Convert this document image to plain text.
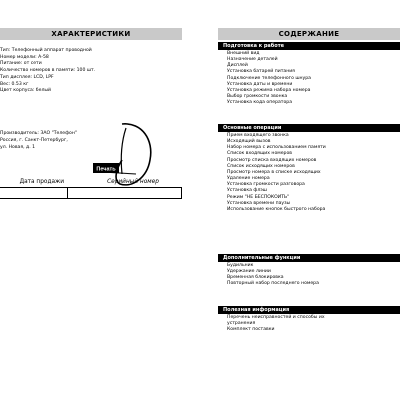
ХАРАКТЕРИСТИКИ
Тип: Телефонный аппарат проводной
Номер модели: А-58
Питание: от сети
Количество номеров в памяти: 100 шт.
Тип дисплея: LCD, LPF
Вес: 0.53 кг
Цвет корпуса: белый
Производитель: ЗАО "Телефон"
Россия, г. Санкт-Петербург,
ул. Новая, д. 1
Печать
Дата продажи	Серийный номер
СОДЕРЖАНИЕ
Подготовка к работе
Внешний вид
Назначение деталей
Дисплей
Установка батарей питания
Подключение телефонного шнура
Установка даты и времени
Установка режима набора номера
Выбор громкости звонка
Установка кода оператора
Основные операции
Прием входящего звонка
Исходящий вызов
Набор номера с использованием памяти
Список входящих номеров
Просмотр списка входящих номеров
Список исходящих номеров
Просмотр номера в списке исходящих
Удаление номера
Установка громкости разговора
Установка флэш
Режим "НЕ БЕСПОКОИТЬ"
Установка времени паузы
Использование кнопок быстрого набора
Дополнительные функции
Будильник
Удержание линии
Временная блокировка
Повторный набор последнего номера
Полезная информация
Перечень неисправностей и способы их
устранения
Комплект поставки
